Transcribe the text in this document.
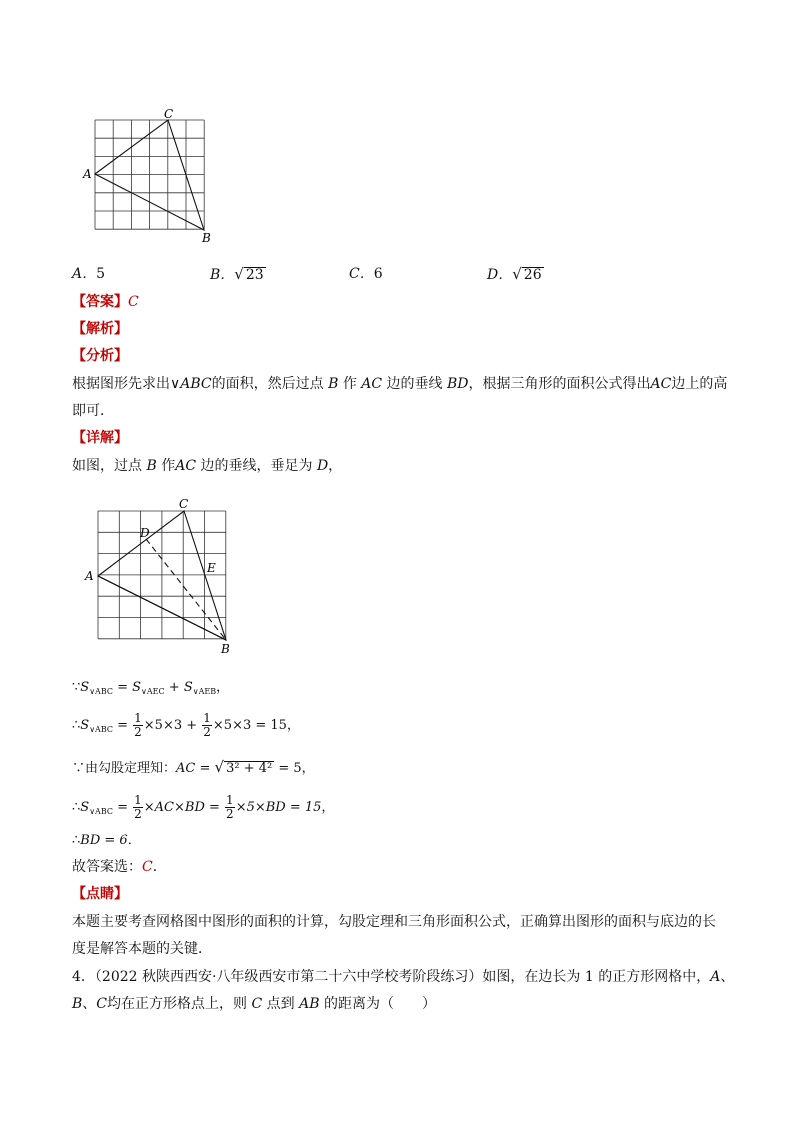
A
C
B
A．5	B．√ 23	C．6	D．√ 26
【答案】C
【解析】
【分析】
根据图形先求出∨ABC的面积，然后过点 B 作 AC 边的垂线 BD，根据三角形的面积公式得出AC边上的高
即可．
【详解】
如图，过点 B 作AC 边的垂线，垂足为 D，
A
C
B
D
E
$\because S_{\vee ABC} = S_{\vee AEC} + S_{\vee AEB}$，
$\therefore S_{\vee ABC} = \frac{1}{2} \times 5\times 3 + \frac{1}{2} \times 5\times 3 = 15$，
∵由勾股定理知：AC = √ 3² + 4² = 5，
$\therefore S_{\vee ABC} = \frac{1}{2} \times AC\times BD = \frac{1}{2} \times 5\times BD = 15$，
∴BD = 6．
故答案选：C．
【点睛】
本题主要考查网格图中图形的面积的计算，勾股定理和三角形面积公式，正确算出图形的面积与底边的长
度是解答本题的关键．
4．（2022 秋陕西西安·八年级西安市第二十六中学校考阶段练习）如图，在边长为 1 的正方形网格中，A、
B、C均在正方形格点上，则 C 点到 AB 的距离为（　　）
